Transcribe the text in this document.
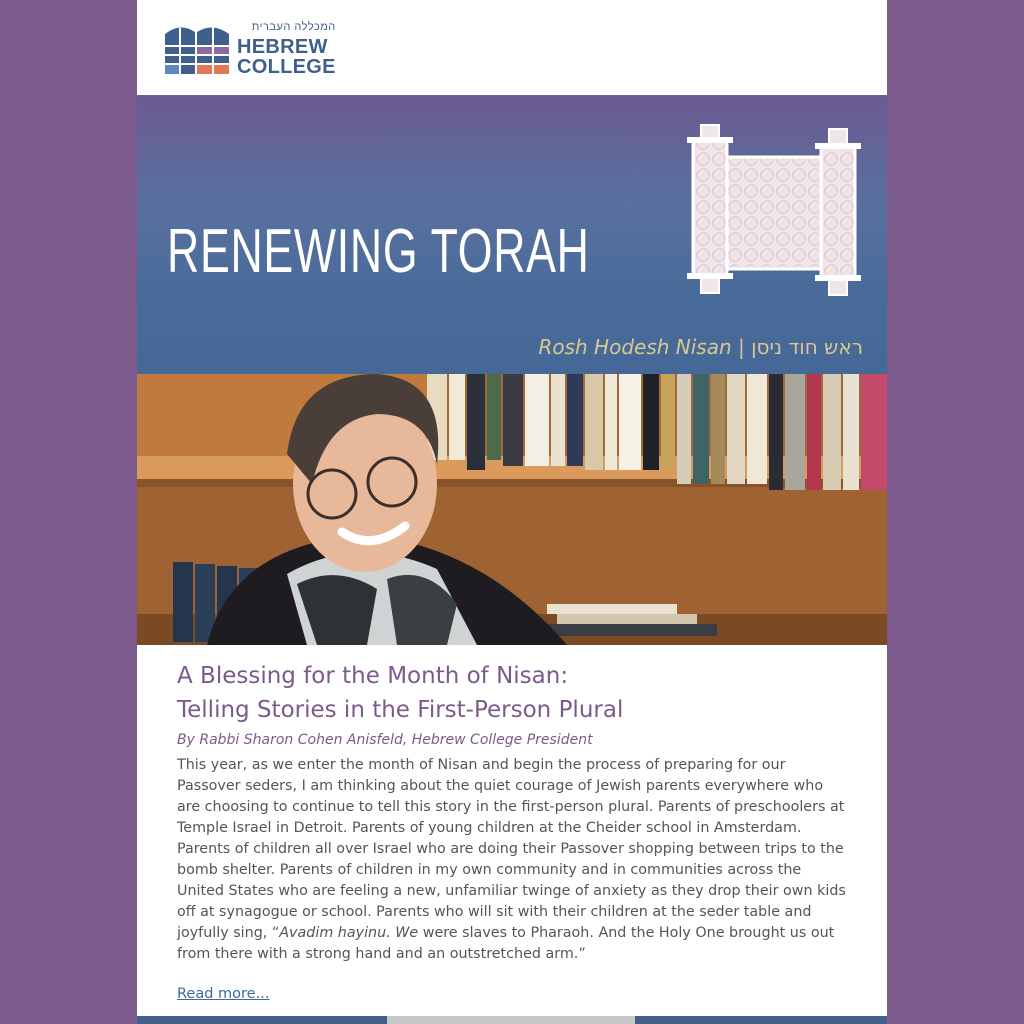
המכללה העברית
HEBREW
COLLEGE
RENEWING TORAH
Rosh Hodesh Nisan | ראש חוד ניסן
A Blessing for the Month of Nisan:
Telling Stories in the First-Person Plural
By Rabbi Sharon Cohen Anisfeld, Hebrew College President
This year, as we enter the month of Nisan and begin the process of preparing for our Passover seders, I am thinking about the quiet courage of Jewish parents everywhere who are choosing to continue to tell this story in the first-person plural. Parents of preschoolers at Temple Israel in Detroit. Parents of young children at the Cheider school in Amsterdam. Parents of children all over Israel who are doing their Passover shopping between trips to the bomb shelter. Parents of children in my own community and in communities across the United States who are feeling a new, unfamiliar twinge of anxiety as they drop their own kids off at synagogue or school. Parents who will sit with their children at the seder table and joyfully sing, “Avadim hayinu. We were slaves to Pharaoh. And the Holy One brought us out from there with a strong hand and an outstretched arm.”
Read more...
